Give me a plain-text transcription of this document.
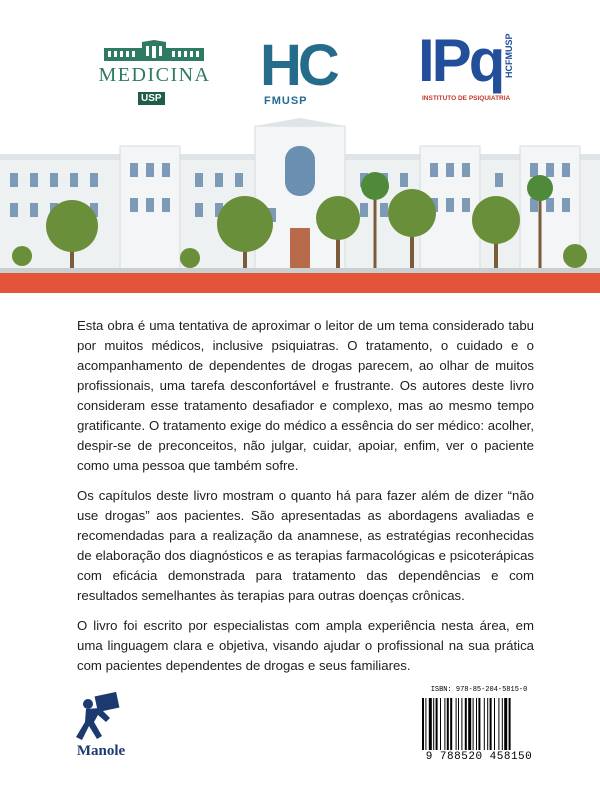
MEDICINA
USP
HC
FMUSP
IPq
INSTITUTO DE PSIQUIATRIA
HCFMUSP

Esta obra é uma tentativa de aproximar o leitor de um tema considerado tabu por muitos médicos, inclusive psiquiatras. O tratamento, o cuidado e o acompanhamento de dependentes de drogas parecem, ao olhar de muitos profissionais, uma tarefa desconfortável e frustrante. Os autores deste livro consideram esse tratamento desafiador e complexo, mas ao mesmo tempo gratificante. O tratamento exige do médico a essência do ser médico: acolher, despir-se de preconceitos, não julgar, cuidar, apoiar, enfim, ver o paciente como uma pessoa que também sofre.

Os capítulos deste livro mostram o quanto há para fazer além de dizer “não use drogas” aos pacientes. São apresentadas as abordagens avaliadas e recomendadas para a realização da anamnese, as estratégias reconhecidas de elaboração dos diagnósticos e as terapias farmacológicas e psicoterápicas com eficácia demonstrada para tratamento das dependências e com resultados semelhantes às terapias para outras doenças crônicas.

O livro foi escrito por especialistas com ampla experiência nesta área, em uma linguagem clara e objetiva, visando ajudar o profissional na sua prática com pacientes dependentes de drogas e seus familiares.

Manole
ISBN: 978-85-204-5815-0
9 788520 458150
